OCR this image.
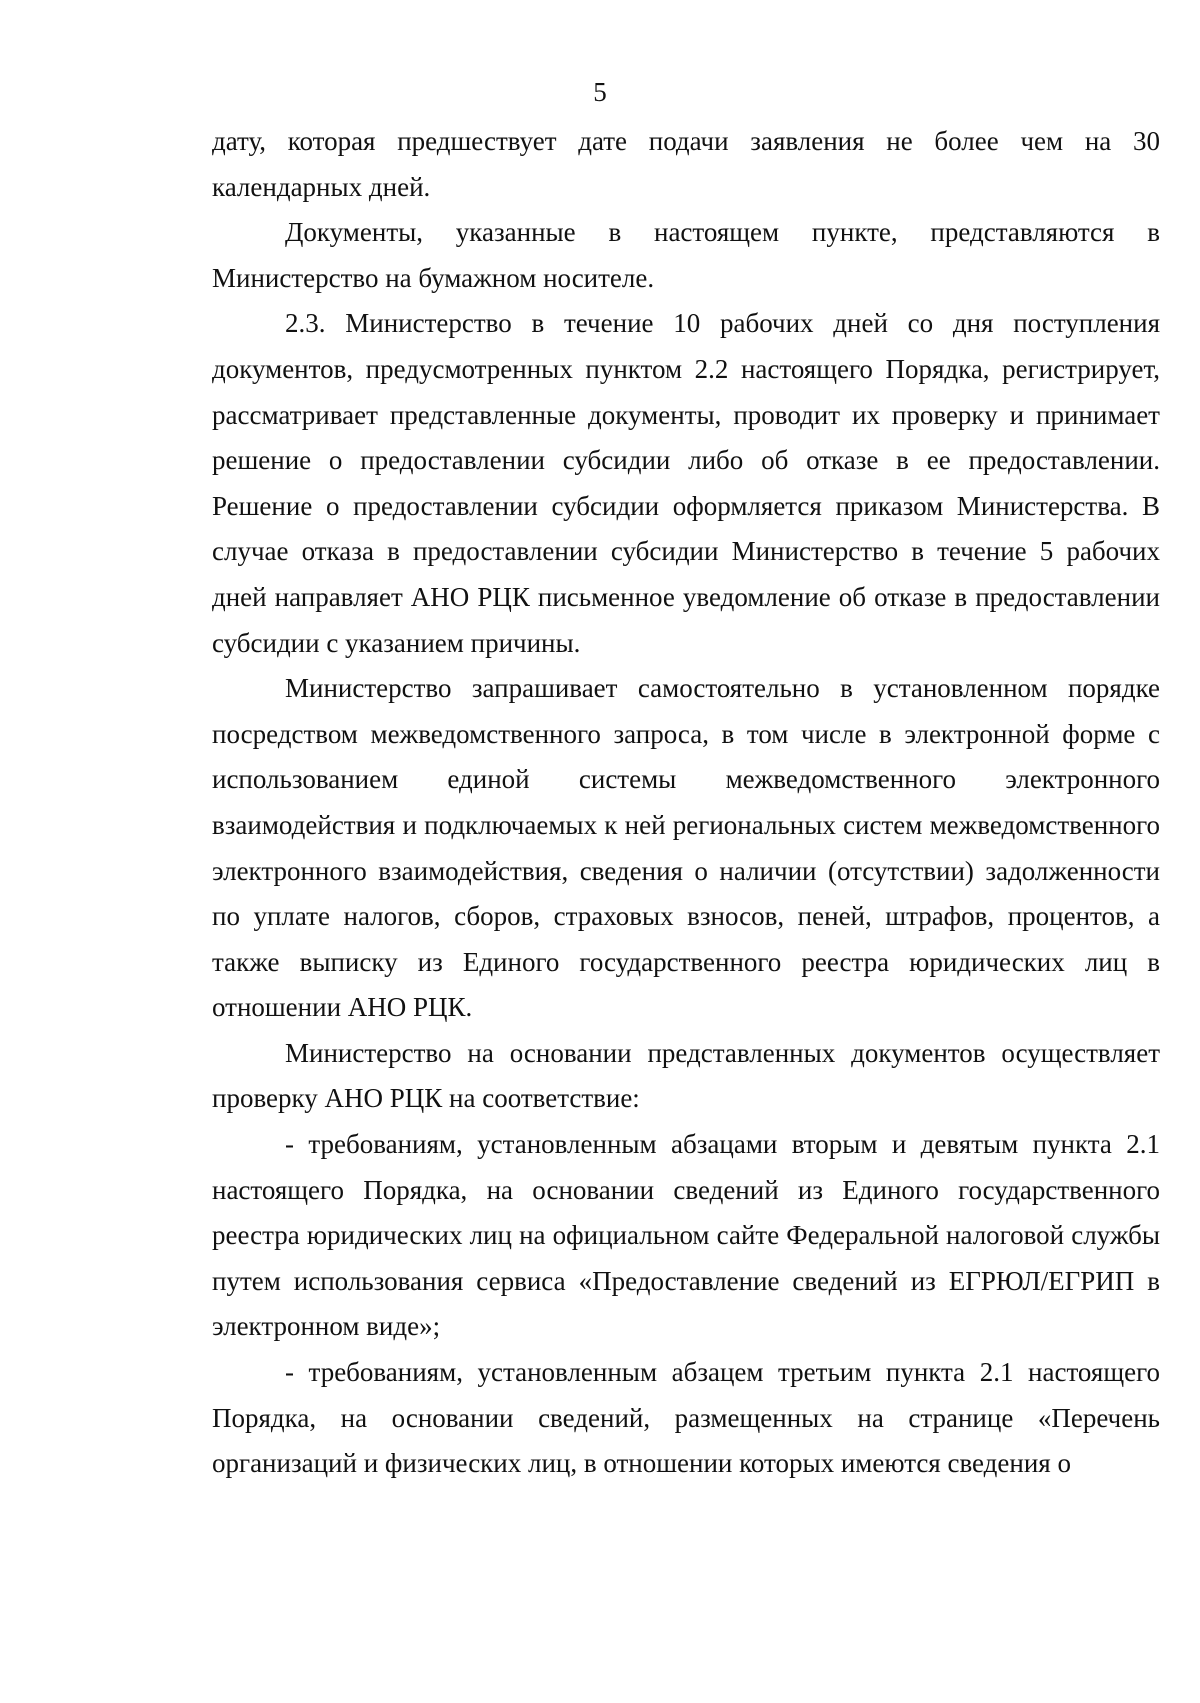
5

дату, которая предшествует дате подачи заявления не более чем на 30 календарных дней.

Документы, указанные в настоящем пункте, представляются в Министерство на бумажном носителе.

2.3. Министерство в течение 10 рабочих дней со дня поступления документов, предусмотренных пунктом 2.2 настоящего Порядка, регистрирует, рассматривает представленные документы, проводит их проверку и принимает решение о предоставлении субсидии либо об отказе в ее предоставлении. Решение о предоставлении субсидии оформляется приказом Министерства. В случае отказа в предоставлении субсидии Министерство в течение 5 рабочих дней направляет АНО РЦК письменное уведомление об отказе в предоставлении субсидии с указанием причины.

Министерство запрашивает самостоятельно в установленном порядке посредством межведомственного запроса, в том числе в электронной форме с использованием единой системы межведомственного электронного взаимодействия и подключаемых к ней региональных систем межведомственного электронного взаимодействия, сведения о наличии (отсутствии) задолженности по уплате налогов, сборов, страховых взносов, пеней, штрафов, процентов, а также выписку из Единого государственного реестра юридических лиц в отношении АНО РЦК.

Министерство на основании представленных документов осуществляет проверку АНО РЦК на соответствие:

- требованиям, установленным абзацами вторым и девятым пункта 2.1 настоящего Порядка, на основании сведений из Единого государственного реестра юридических лиц на официальном сайте Федеральной налоговой службы путем использования сервиса «Предоставление сведений из ЕГРЮЛ/ЕГРИП в электронном виде»;

- требованиям, установленным абзацем третьим пункта 2.1 настоящего Порядка, на основании сведений, размещенных на странице «Перечень организаций и физических лиц, в отношении которых имеются сведения о
